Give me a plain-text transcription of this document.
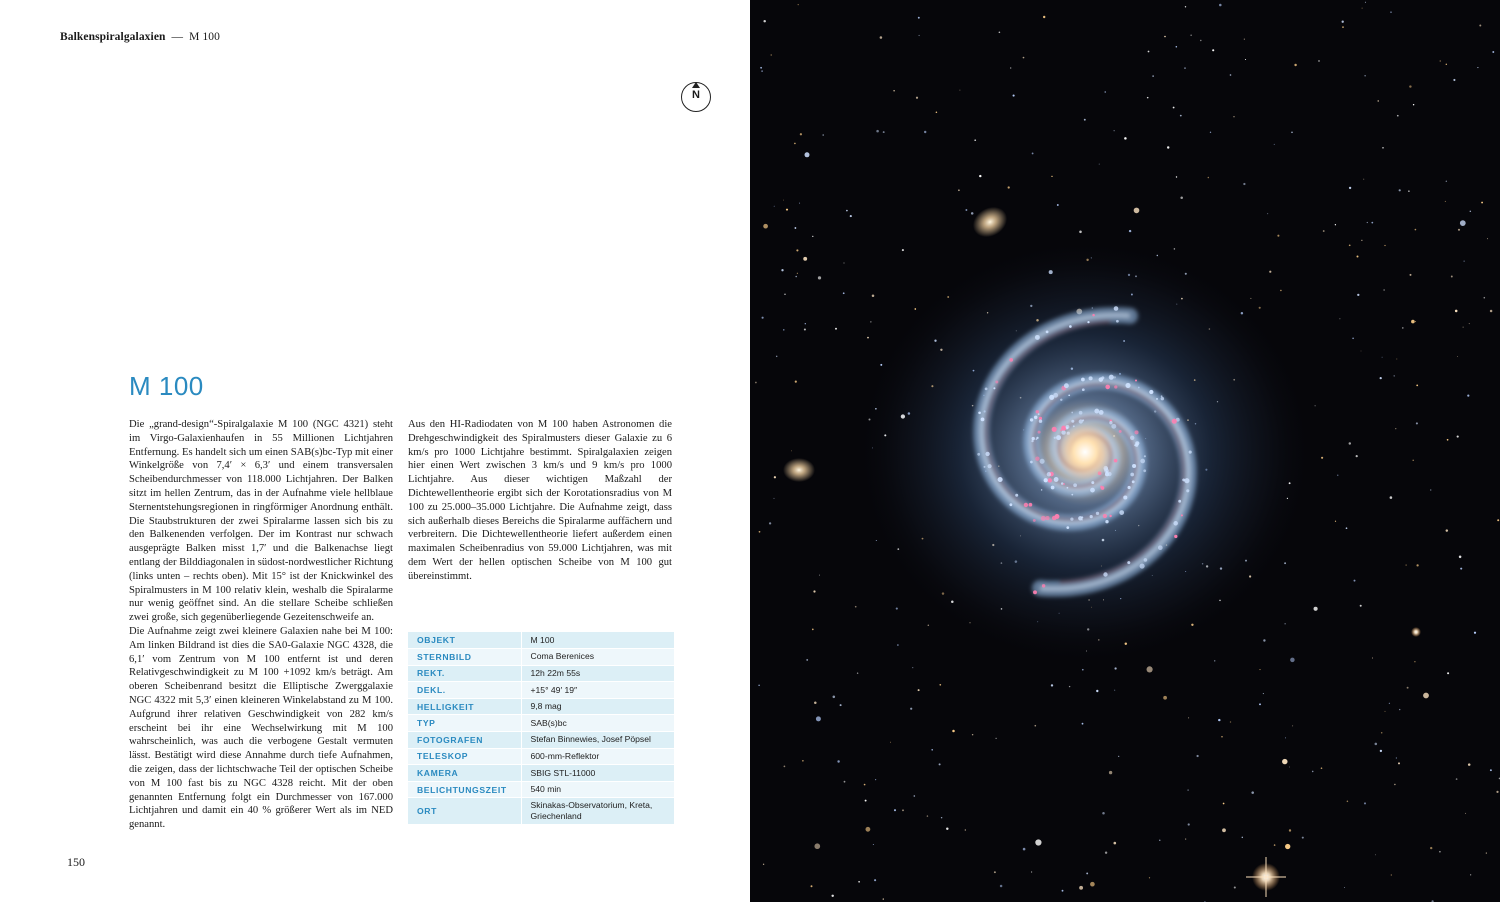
Balkenspiralgalaxien — M 100
N
M 100

Die „grand-design“-Spiralgalaxie M 100 (NGC 4321) steht im Virgo-Galaxienhaufen in 55 Millionen Lichtjahren Entfernung. Es handelt sich um einen SAB(s)bc-Typ mit einer Winkelgröße von 7,4′ × 6,3′ und einem transversalen Scheibendurchmesser von 118.000 Lichtjahren. Der Balken sitzt im hellen Zentrum, das in der Aufnahme viele hellblaue Sternentstehungsregionen in ringförmiger Anordnung enthält. Die Staubstrukturen der zwei Spiralarme lassen sich bis zu den Balkenenden verfolgen. Der im Kontrast nur schwach ausgeprägte Balken misst 1,7′ und die Balkenachse liegt entlang der Bilddiagonalen in südost-nordwestlicher Richtung (links unten – rechts oben). Mit 15° ist der Knickwinkel des Spiralmusters in M 100 relativ klein, weshalb die Spiralarme nur wenig geöffnet sind. An die stellare Scheibe schließen zwei große, sich gegenüberliegende Gezeitenschweife an.

Die Aufnahme zeigt zwei kleinere Galaxien nahe bei M 100: Am linken Bildrand ist dies die SA0-Galaxie NGC 4328, die 6,1′ vom Zentrum von M 100 entfernt ist und deren Relativgeschwindigkeit zu M 100 +1092 km/s beträgt. Am oberen Scheibenrand besitzt die Elliptische Zwerggalaxie NGC 4322 mit 5,3′ einen kleineren Winkelabstand zu M 100. Aufgrund ihrer relativen Geschwindigkeit von 282 km/s erscheint bei ihr eine Wechselwirkung mit M 100 wahrscheinlich, was auch die verbogene Gestalt vermuten lässt. Bestätigt wird diese Annahme durch tiefe Aufnahmen, die zeigen, dass der lichtschwache Teil der optischen Scheibe von M 100 fast bis zu NGC 4328 reicht. Mit der oben genannten Entfernung folgt ein Durchmesser von 167.000 Lichtjahren und damit ein 40 % größerer Wert als im NED genannt.

Aus den HI-Radiodaten von M 100 haben Astronomen die Drehgeschwindigkeit des Spiralmusters dieser Galaxie zu 6 km/s pro 1000 Lichtjahre bestimmt. Spiralgalaxien zeigen hier einen Wert zwischen 3 km/s und 9 km/s pro 1000 Lichtjahre. Aus dieser wichtigen Maßzahl der Dichtewellentheorie ergibt sich der Korotationsradius von M 100 zu 25.000–35.000 Lichtjahre. Die Aufnahme zeigt, dass sich außerhalb dieses Bereichs die Spiralarme auffächern und verbreitern. Die Dichtewellentheorie liefert außerdem einen maximalen Scheibenradius von 59.000 Lichtjahren, was mit dem Wert der hellen optischen Scheibe von M 100 gut übereinstimmt.

OBJEKT	M 100
STERNBILD	Coma Berenices
REKT.	12h 22m 55s
DEKL.	+15° 49′ 19″
HELLIGKEIT	9,8 mag
TYP	SAB(s)bc
FOTOGRAFEN	Stefan Binnewies, Josef Pöpsel
TELESKOP	600-mm-Reflektor
KAMERA	SBIG STL-11000
BELICHTUNGSZEIT	540 min
ORT	Skinakas-Observatorium, Kreta, Griechenland
150
